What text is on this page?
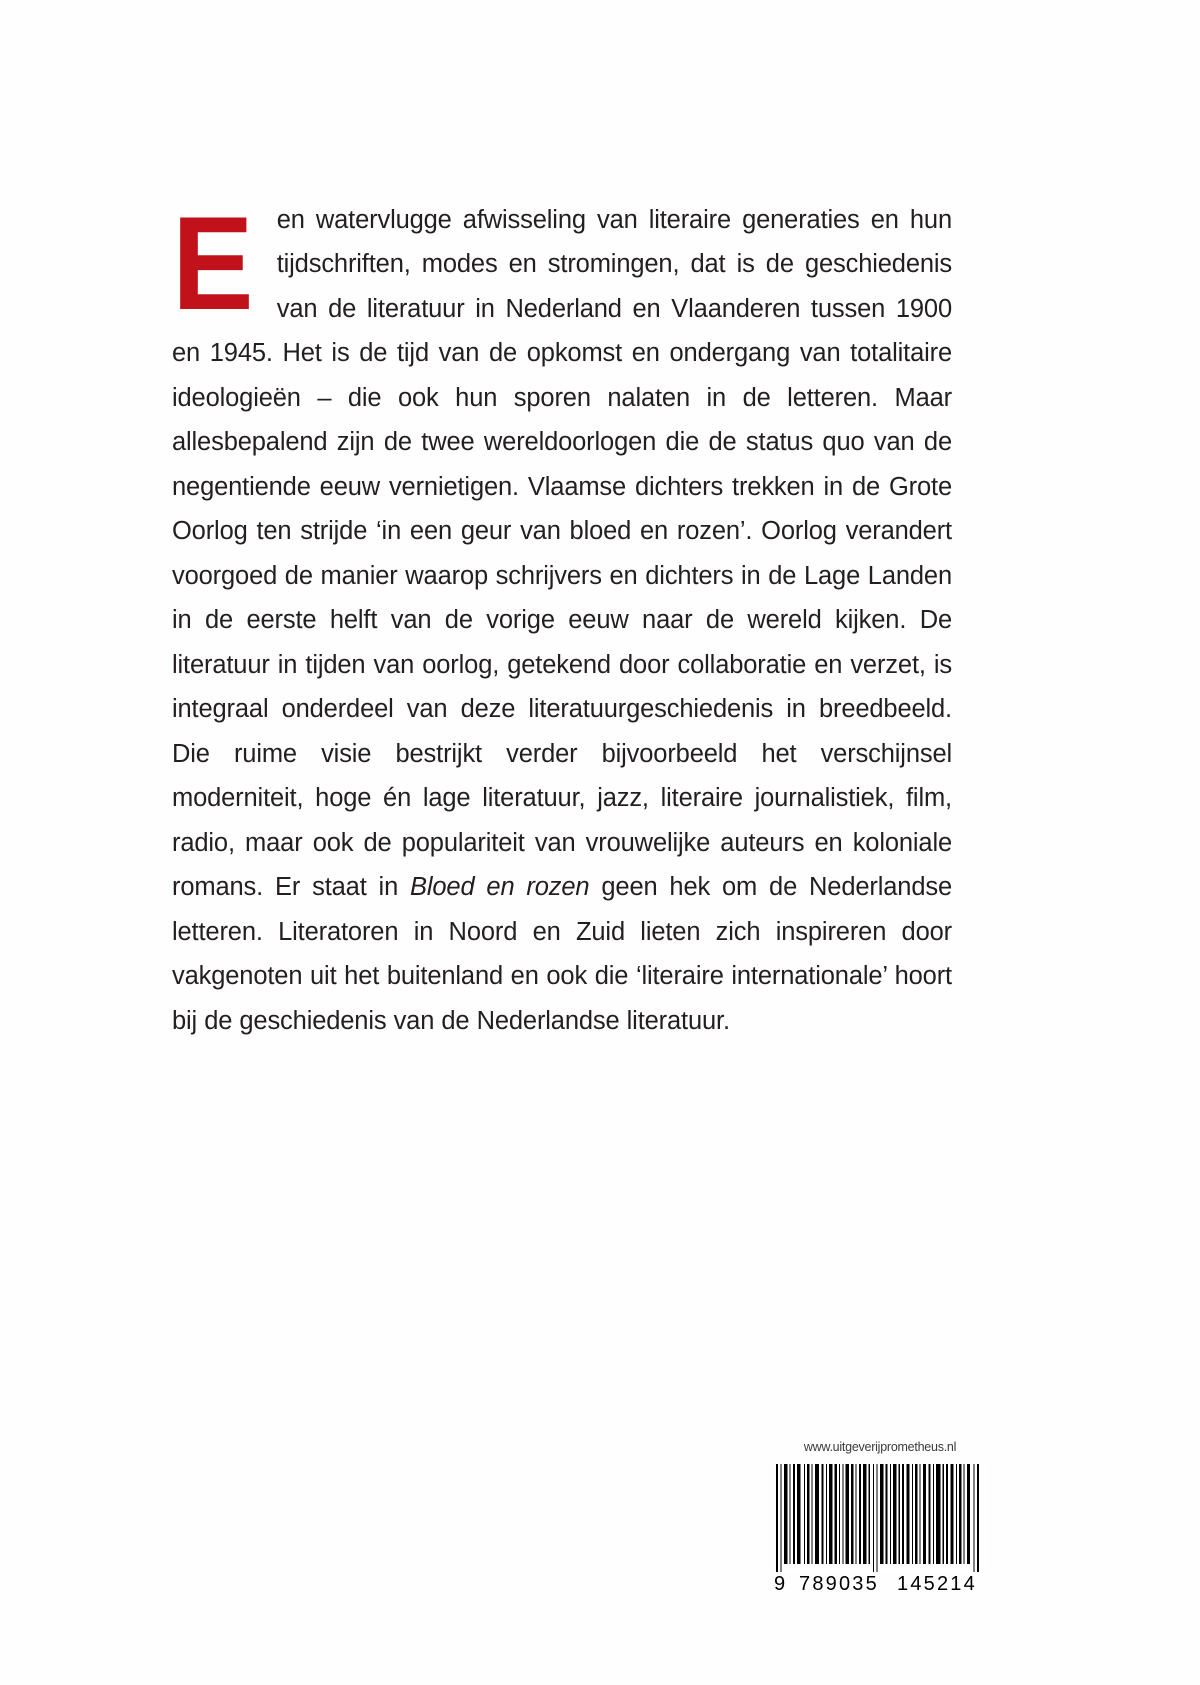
Een watervlugge afwisseling van literaire generaties en hun tijdschriften, modes en stromingen, dat is de geschiedenis van de literatuur in Nederland en Vlaanderen tussen 1900 en 1945. Het is de tijd van de opkomst en ondergang van totalitaire ideologieën – die ook hun sporen nalaten in de letteren. Maar allesbepalend zijn de twee wereldoorlogen die de status quo van de negentiende eeuw vernietigen. Vlaamse dichters trekken in de Grote Oorlog ten strijde ‘in een geur van bloed en rozen’. Oorlog verandert voorgoed de manier waarop schrijvers en dichters in de Lage Landen in de eerste helft van de vorige eeuw naar de wereld kijken. De literatuur in tijden van oorlog, getekend door collaboratie en verzet, is integraal onderdeel van deze literatuurgeschiedenis in breedbeeld. Die ruime visie bestrijkt verder bijvoorbeeld het verschijnsel moderniteit, hoge én lage literatuur, jazz, literaire journalistiek, film, radio, maar ook de populariteit van vrouwelijke auteurs en koloniale romans. Er staat in Bloed en rozen geen hek om de Nederlandse letteren. Literatoren in Noord en Zuid lieten zich inspireren door vakgenoten uit het buitenland en ook die ‘literaire internationale’ hoort bij de geschiedenis van de Nederlandse literatuur.

www.uitgeverijprometheus.nl
9 789035 145214
